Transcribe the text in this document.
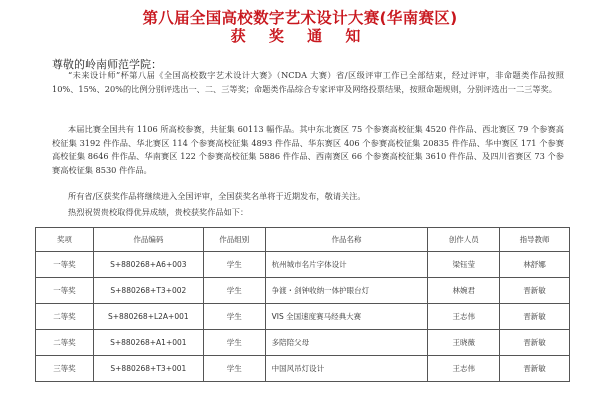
第八届全国高校数字艺术设计大赛(华南赛区)
获 奖 通 知
尊敬的岭南师范学院：

“未来设计师”杯第八届《全国高校数字艺术设计大赛》（NCDA 大赛）省/区级评审工作已全部结束，经过评审，非命题类作品按照 10%、15%、20%的比例分别评选出一、二、三等奖；命题类作品综合专家评审及网络投票结果，按照命题规则，分别评选出一二三等奖。

本届比赛全国共有 1106 所高校参赛，共征集 60113 幅作品。其中东北赛区 75 个参赛高校征集 4520 件作品、西北赛区 79 个参赛高校征集 3192 件作品、华北赛区 114 个参赛高校征集 4893 件作品、华东赛区 406 个参赛高校征集 20835 件作品、华中赛区 171 个参赛高校征集 8646 件作品、华南赛区 122 个参赛高校征集 5886 件作品、西南赛区 66 个参赛高校征集 3610 件作品、及四川省赛区 73 个参赛高校征集 8530 件作品。

所有省/区获奖作品将继续进入全国评审，全国获奖名单将于近期发布，敬请关注。

热烈祝贺贵校取得优异成绩，贵校获奖作品如下：

奖项	作品编码	作品组别	作品名称	创作人员	指导教师
一等奖	S+880268+A6+003	学生	杭州城市名片字体设计	梁钰莹	林舒娜
一等奖	S+880268+T3+002	学生	争渡・剑钟收纳一体护眼台灯	林婉君	晋新敏
二等奖	S+880268+L2A+001	学生	VIS 全国速度赛马经典大赛	王志伟	晋新敏
二等奖	S+880268+A1+001	学生	多陪陪父母	王晓薇	晋新敏
三等奖	S+880268+T3+001	学生	中国风吊灯设计	王志伟	晋新敏
